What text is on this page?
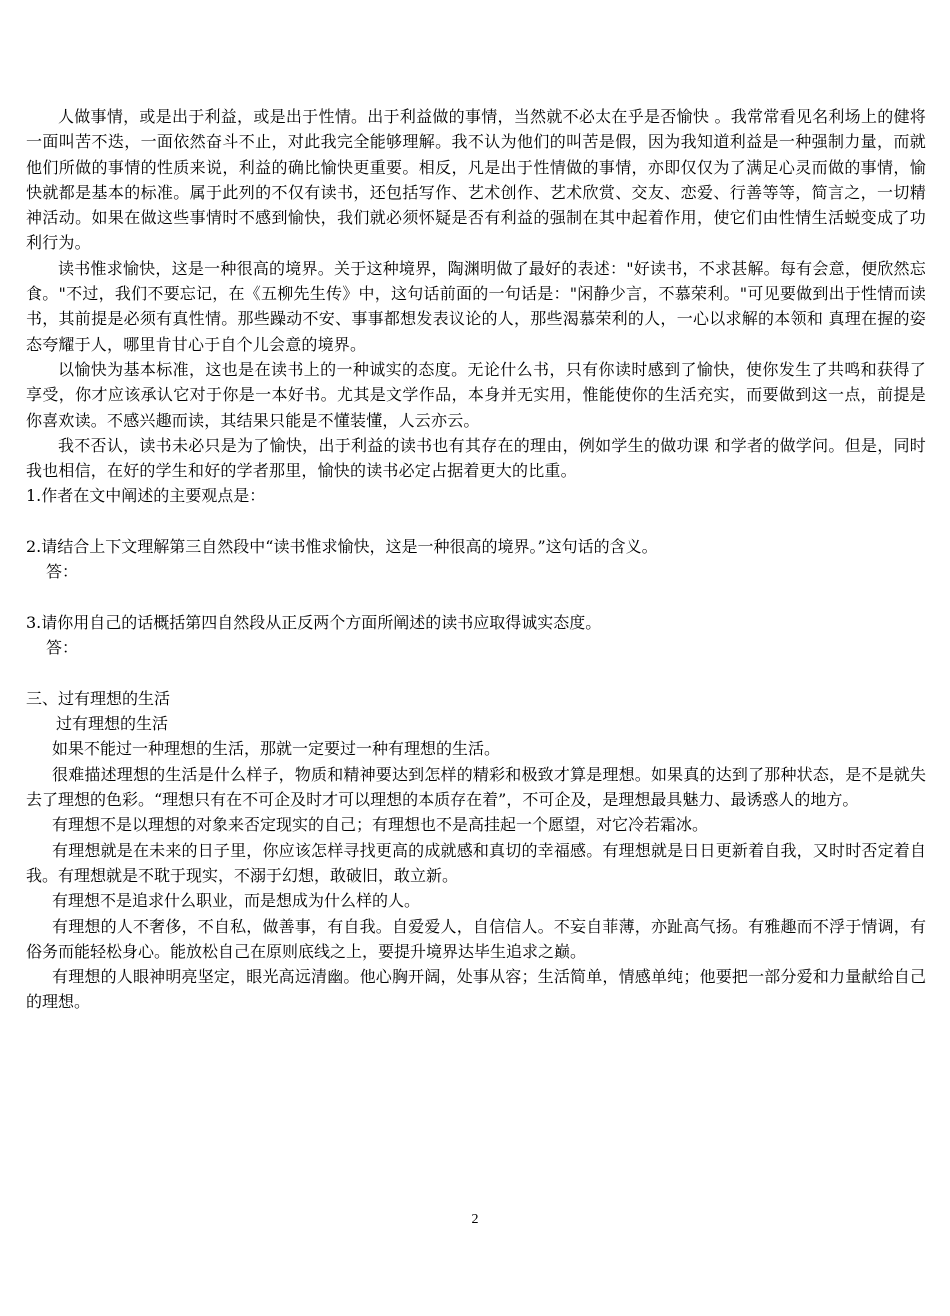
人做事情，或是出于利益，或是出于性情。出于利益做的事情，当然就不必太在乎是否愉快 。我常常看见名利场上的健将一面叫苦不迭，一面依然奋斗不止，对此我完全能够理解。我不认为他们的叫苦是假，因为我知道利益是一种强制力量，而就他们所做的事情的性质来说，利益的确比愉快更重要。相反，凡是出于性情做的事情，亦即仅仅为了满足心灵而做的事情，愉快就都是基本的标准。属于此列的不仅有读书，还包括写作、艺术创作、艺术欣赏、交友、恋爱、行善等等，简言之，一切精神活动。如果在做这些事情时不感到愉快，我们就必须怀疑是否有利益的强制在其中起着作用，使它们由性情生活蜕变成了功利行为。

读书惟求愉快，这是一种很高的境界。关于这种境界，陶渊明做了最好的表述："好读书，不求甚解。每有会意，便欣然忘食。"不过，我们不要忘记，在《五柳先生传》中，这句话前面的一句话是："闲静少言，不慕荣利。"可见要做到出于性情而读书，其前提是必须有真性情。那些躁动不安、事事都想发表议论的人，那些渴慕荣利的人，一心以求解的本领和 真理在握的姿态夸耀于人，哪里肯甘心于自个儿会意的境界。

以愉快为基本标准，这也是在读书上的一种诚实的态度。无论什么书，只有你读时感到了愉快，使你发生了共鸣和获得了享受，你才应该承认它对于你是一本好书。尤其是文学作品，本身并无实用，惟能使你的生活充实，而要做到这一点，前提是你喜欢读。不感兴趣而读，其结果只能是不懂装懂，人云亦云。

我不否认，读书未必只是为了愉快，出于利益的读书也有其存在的理由，例如学生的做功课 和学者的做学问。但是，同时我也相信，在好的学生和好的学者那里，愉快的读书必定占据着更大的比重。

1.作者在文中阐述的主要观点是：

2.请结合上下文理解第三自然段中“读书惟求愉快，这是一种很高的境界。”这句话的含义。

答：

3.请你用自己的话概括第四自然段从正反两个方面所阐述的读书应取得诚实态度。

答：

三、过有理想的生活

过有理想的生活

如果不能过一种理想的生活，那就一定要过一种有理想的生活。

很难描述理想的生活是什么样子，物质和精神要达到怎样的精彩和极致才算是理想。如果真的达到了那种状态，是不是就失去了理想的色彩。“理想只有在不可企及时才可以理想的本质存在着”，不可企及，是理想最具魅力、最诱惑人的地方。

有理想不是以理想的对象来否定现实的自己；有理想也不是高挂起一个愿望，对它冷若霜冰。

有理想就是在未来的日子里，你应该怎样寻找更高的成就感和真切的幸福感。有理想就是日日更新着自我，又时时否定着自我。有理想就是不耽于现实，不溺于幻想，敢破旧，敢立新。

有理想不是追求什么职业，而是想成为什么样的人。

有理想的人不奢侈，不自私，做善事，有自我。自爱爱人，自信信人。不妄自菲薄，亦趾高气扬。有雅趣而不浮于情调，有俗务而能轻松身心。能放松自己在原则底线之上，要提升境界达毕生追求之巅。

有理想的人眼神明亮坚定，眼光高远清幽。他心胸开阔，处事从容；生活简单，情感单纯；他要把一部分爱和力量献给自己的理想。

2
